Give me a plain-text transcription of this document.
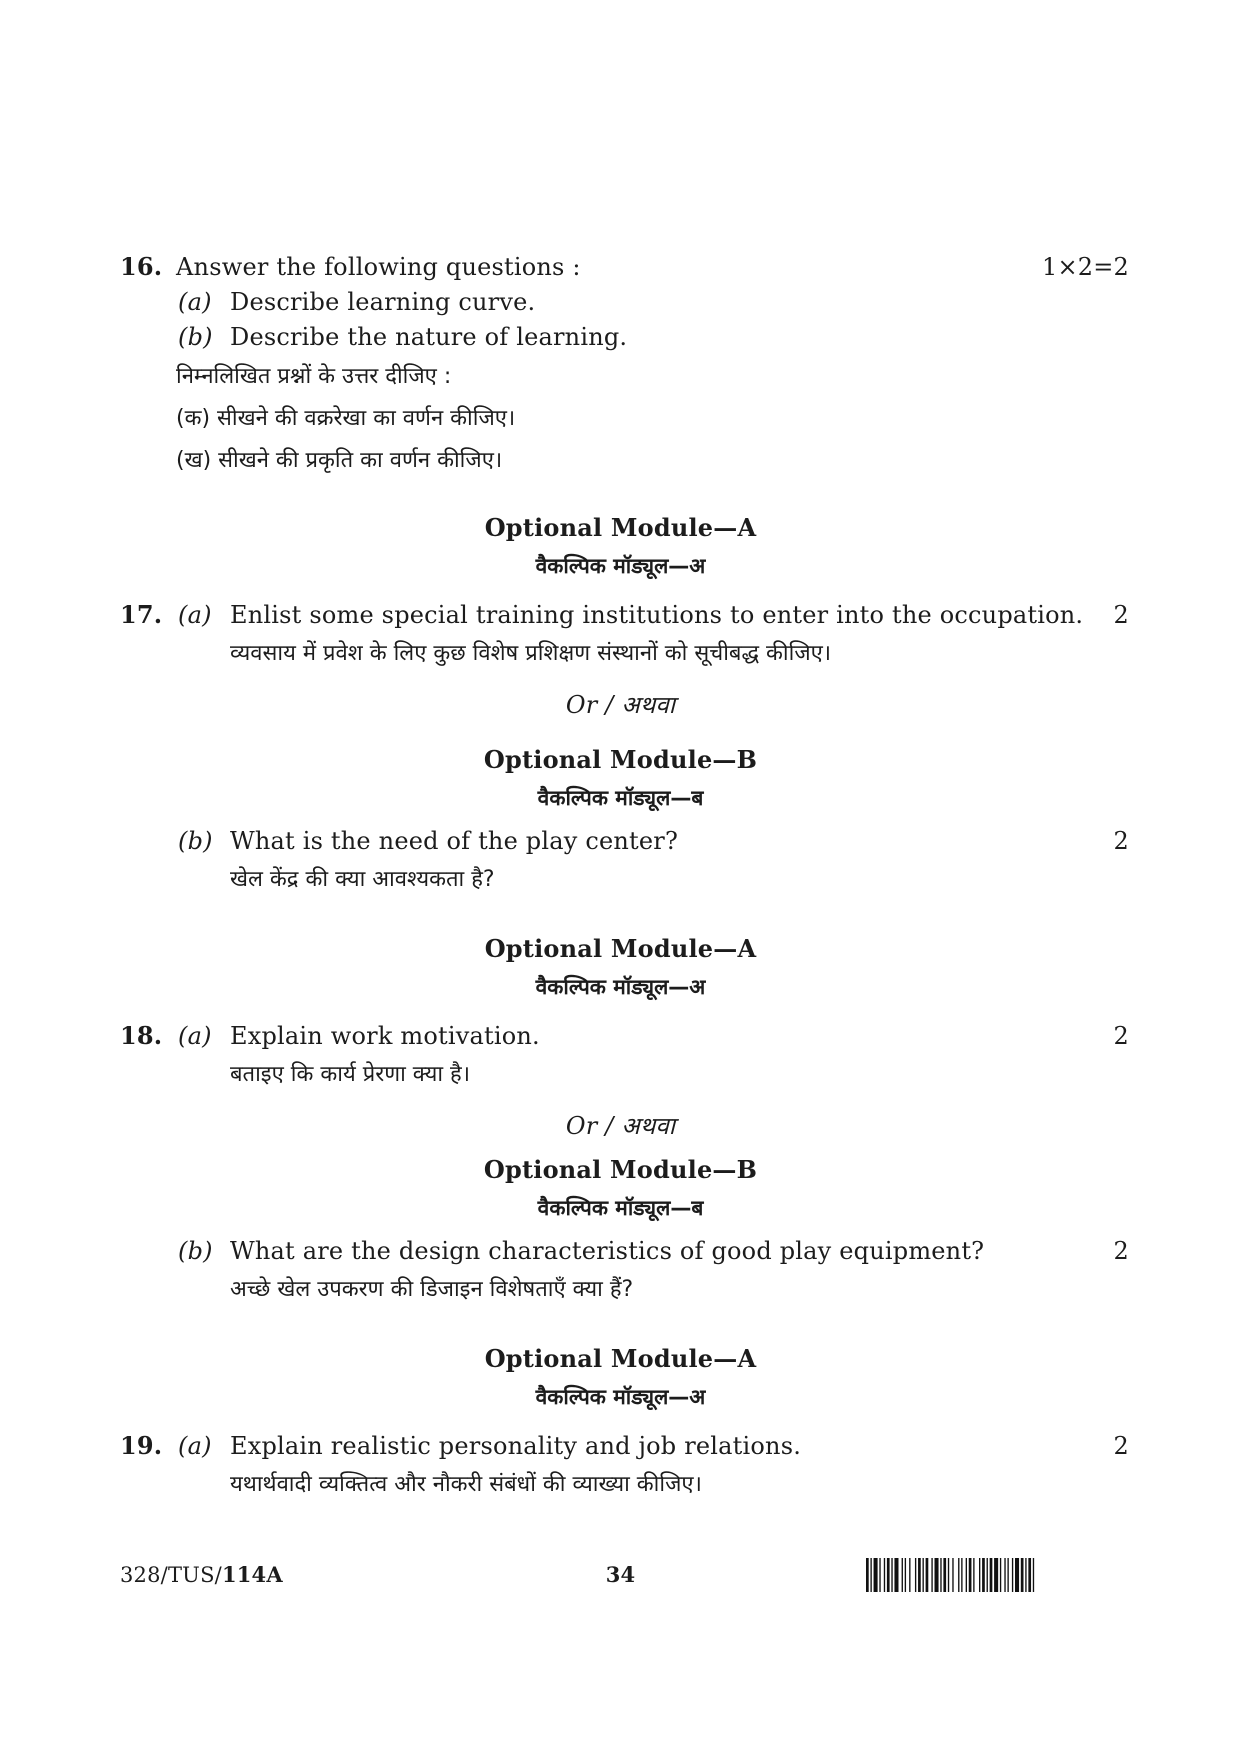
16. Answer the following questions :	1×2=2
(a) Describe learning curve.
(b) Describe the nature of learning.
निम्नलिखित प्रश्नों के उत्तर दीजिए :
(क) सीखने की वक्ररेखा का वर्णन कीजिए।
(ख) सीखने की प्रकृति का वर्णन कीजिए।
Optional Module—A
वैकल्पिक मॉड्यूल—अ
17. (a) Enlist some special training institutions to enter into the occupation. 2
व्यवसाय में प्रवेश के लिए कुछ विशेष प्रशिक्षण संस्थानों को सूचीबद्ध कीजिए।
Or / अथवा
Optional Module—B
वैकल्पिक मॉड्यूल—ब
(b) What is the need of the play center?	2
खेल केंद्र की क्या आवश्यकता है?
Optional Module—A
वैकल्पिक मॉड्यूल—अ
18. (a) Explain work motivation.	2
बताइए कि कार्य प्रेरणा क्या है।
Or / अथवा
Optional Module—B
वैकल्पिक मॉड्यूल—ब
(b) What are the design characteristics of good play equipment?	2
अच्छे खेल उपकरण की डिजाइन विशेषताएँ क्या हैं?
Optional Module—A
वैकल्पिक मॉड्यूल—अ
19. (a) Explain realistic personality and job relations.	2
यथार्थवादी व्यक्तित्व और नौकरी संबंधों की व्याख्या कीजिए।
328/TUS/114A	34
